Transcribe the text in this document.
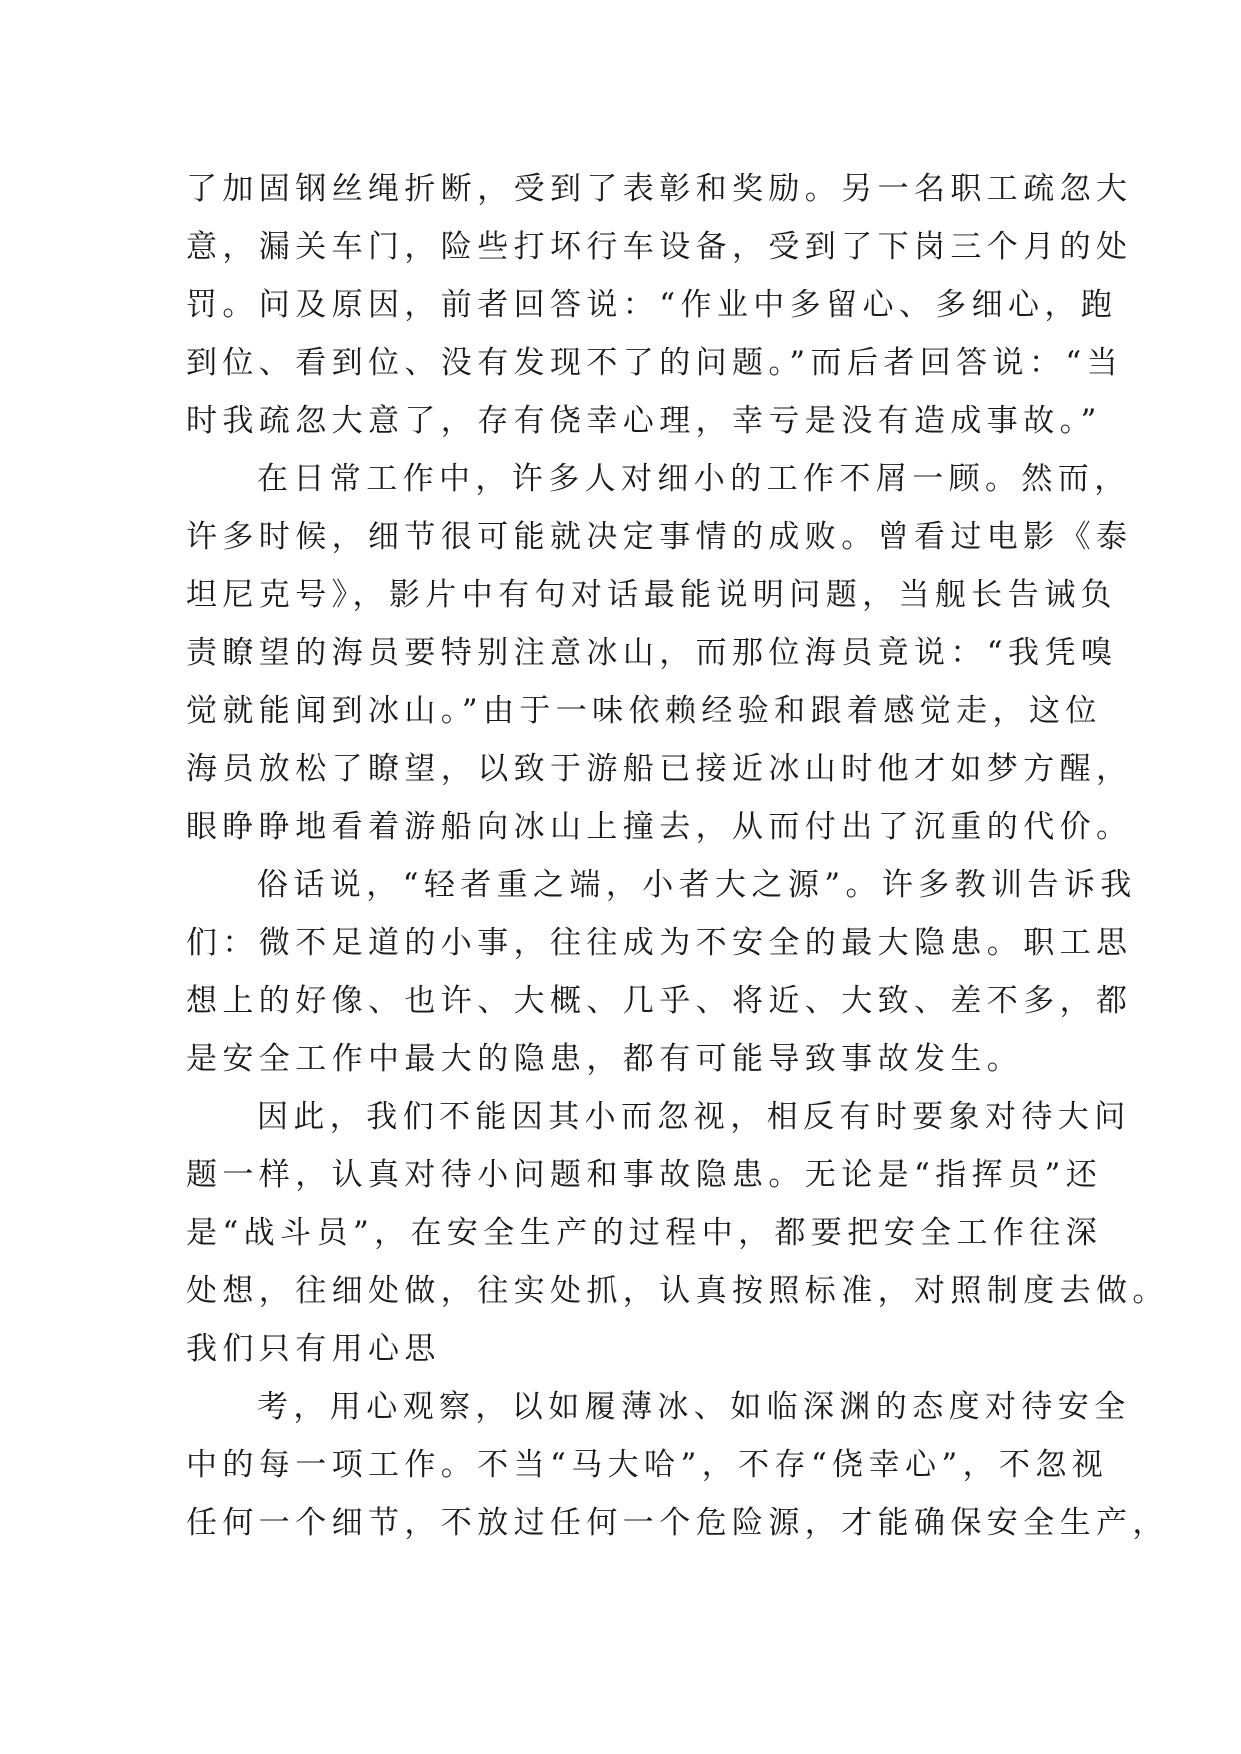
了加固钢丝绳折断，受到了表彰和奖励。另一名职工疏忽大
意，漏关车门，险些打坏行车设备，受到了下岗三个月的处
罚。问及原因，前者回答说：“作业中多留心、多细心，跑
到位、看到位、没有发现不了的问题。”而后者回答说：“当
时我疏忽大意了，存有侥幸心理，幸亏是没有造成事故。”
在日常工作中，许多人对细小的工作不屑一顾。然而，
许多时候，细节很可能就决定事情的成败。曾看过电影《泰
坦尼克号》，影片中有句对话最能说明问题，当舰长告诫负
责瞭望的海员要特别注意冰山，而那位海员竟说：“我凭嗅
觉就能闻到冰山。”由于一味依赖经验和跟着感觉走，这位
海员放松了瞭望，以致于游船已接近冰山时他才如梦方醒，
眼睁睁地看着游船向冰山上撞去，从而付出了沉重的代价。
俗话说，“轻者重之端，小者大之源”。许多教训告诉我
们：微不足道的小事，往往成为不安全的最大隐患。职工思
想上的好像、也许、大概、几乎、将近、大致、差不多，都
是安全工作中最大的隐患，都有可能导致事故发生。
因此，我们不能因其小而忽视，相反有时要象对待大问
题一样，认真对待小问题和事故隐患。无论是“指挥员”还
是“战斗员”，在安全生产的过程中，都要把安全工作往深
处想，往细处做，往实处抓，认真按照标准，对照制度去做。
我们只有用心思
考，用心观察，以如履薄冰、如临深渊的态度对待安全
中的每一项工作。不当“马大哈”，不存“侥幸心”，不忽视
任何一个细节，不放过任何一个危险源，才能确保安全生产，
